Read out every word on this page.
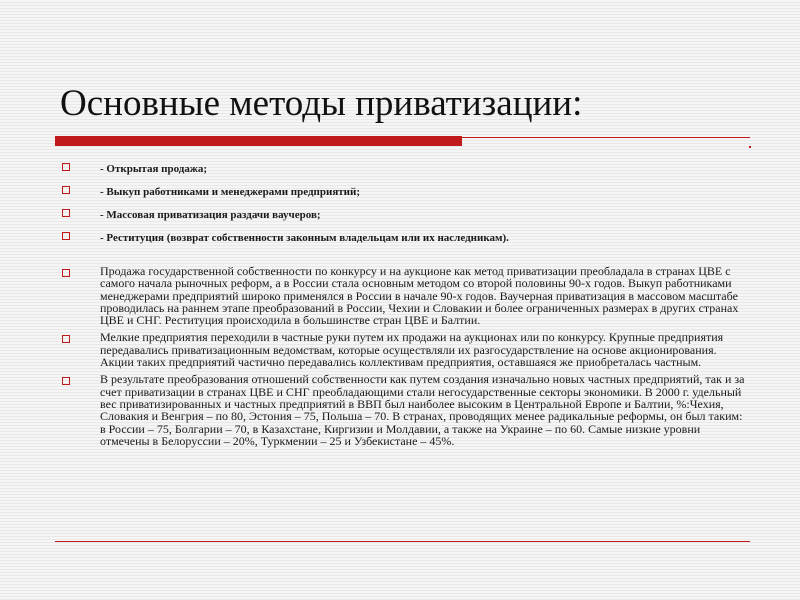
Основные методы приватизации:
- Открытая продажа;
- Выкуп работниками и менеджерами предприятий;
- Массовая приватизация раздачи ваучеров;
- Реституция (возврат собственности законным владельцам или их наследникам).
Продажа государственной собственности по конкурсу и на аукционе как метод приватизации преобладала в странах ЦВЕ с самого начала рыночных реформ, а в России стала основным методом со второй половины 90-х годов. Выкуп работниками менеджерами предприятий широко применялся в России в начале 90-х годов. Ваучерная приватизация в массовом масштабе проводилась на раннем этапе преобразований в России, Чехии и Словакии и более ограниченных размерах в других странах ЦВЕ и СНГ. Реституция происходила в большинстве стран ЦВЕ и Балтии.
Мелкие предприятия переходили в частные руки путем их продажи на аукционах или по конкурсу. Крупные предприятия передавались приватизационным ведомствам, которые осуществляли их разгосударствление на основе акционирования. Акции таких предприятий частично передавались коллективам предприятия, оставшаяся же приобреталась частным.
В результате преобразования отношений собственности как путем создания изначально новых частных предприятий, так и за счет приватизации в странах ЦВЕ и СНГ преобладающими стали негосударственные секторы экономики. В 2000 г. удельный вес приватизированных и частных предприятий в ВВП был наиболее высоким в Центральной Европе и Балтии, %:Чехия, Словакия и Венгрия – по 80, Эстония – 75, Польша – 70. В странах, проводящих менее радикальные реформы, он был таким: в России – 75, Болгарии – 70, в Казахстане, Киргизии и Молдавии, а также на Украине – по 60. Самые низкие уровни отмечены в Белоруссии – 20%, Туркмении – 25 и Узбекистане – 45%.
